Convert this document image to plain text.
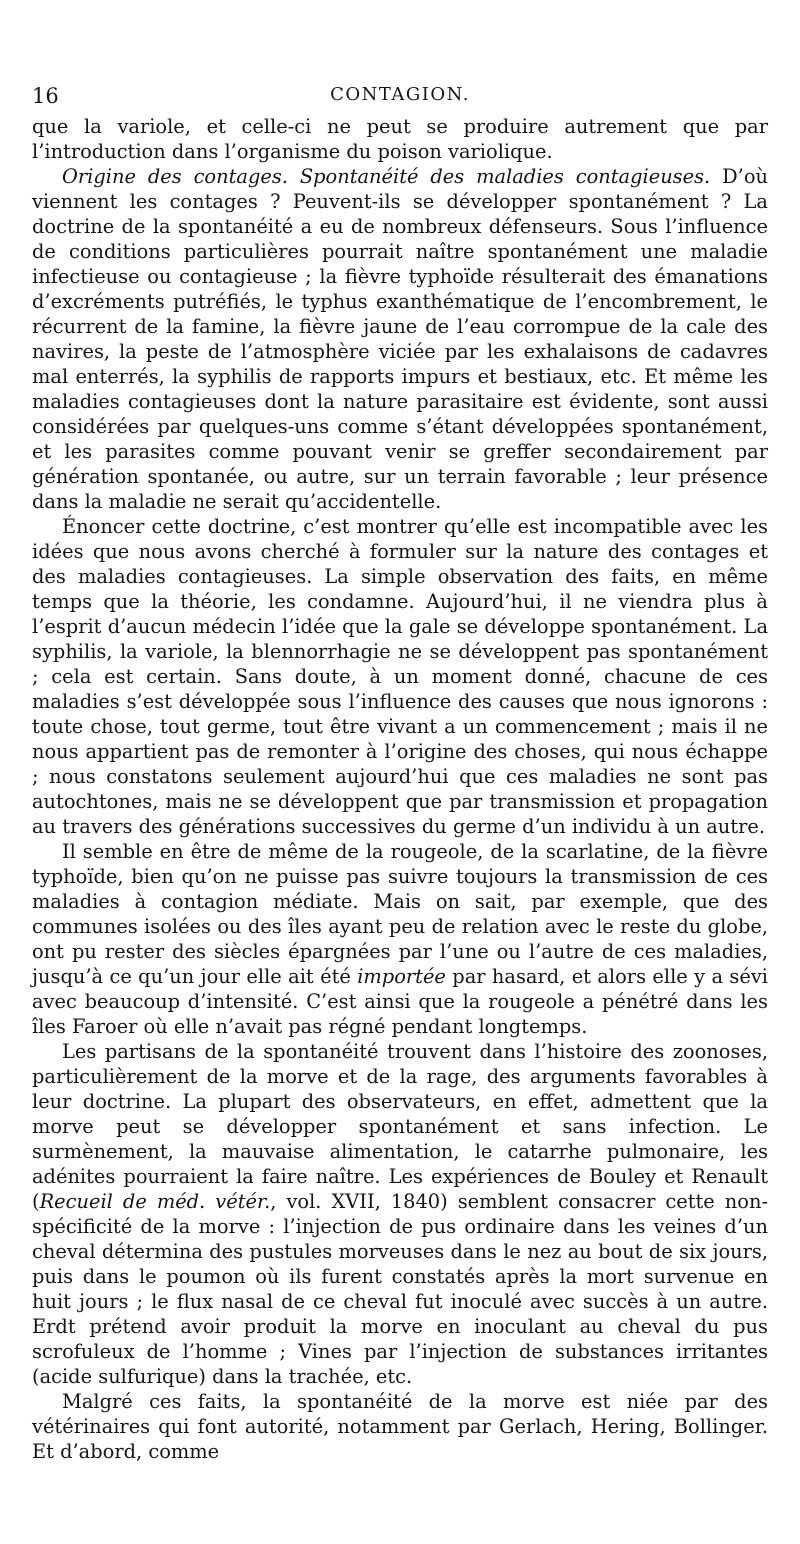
16	CONTAGION.

que la variole, et celle-ci ne peut se produire autrement que par l’introduction dans l’organisme du poison variolique.

Origine des contages. Spontanéité des maladies contagieuses. D’où viennent les contages ? Peuvent-ils se développer spontanément ? La doctrine de la spontanéité a eu de nombreux défenseurs. Sous l’influence de conditions particulières pourrait naître spontanément une maladie infectieuse ou contagieuse ; la fièvre typhoïde résulterait des émanations d’excréments putréfiés, le typhus exanthématique de l’encombrement, le récurrent de la famine, la fièvre jaune de l’eau corrompue de la cale des navires, la peste de l’atmosphère viciée par les exhalaisons de cadavres mal enterrés, la syphilis de rapports impurs et bestiaux, etc. Et même les maladies contagieuses dont la nature parasitaire est évidente, sont aussi considérées par quelques-uns comme s’étant développées spontanément, et les parasites comme pouvant venir se greffer secondairement par génération spontanée, ou autre, sur un terrain favorable ; leur présence dans la maladie ne serait qu’accidentelle.

Énoncer cette doctrine, c’est montrer qu’elle est incompatible avec les idées que nous avons cherché à formuler sur la nature des contages et des maladies contagieuses. La simple observation des faits, en même temps que la théorie, les condamne. Aujourd’hui, il ne viendra plus à l’esprit d’aucun médecin l’idée que la gale se développe spontanément. La syphilis, la variole, la blennorrhagie ne se développent pas spontanément ; cela est certain. Sans doute, à un moment donné, chacune de ces maladies s’est développée sous l’influence des causes que nous ignorons : toute chose, tout germe, tout être vivant a un commencement ; mais il ne nous appartient pas de remonter à l’origine des choses, qui nous échappe ; nous constatons seulement aujourd’hui que ces maladies ne sont pas autochtones, mais ne se développent que par transmission et propagation au travers des générations successives du germe d’un individu à un autre.

Il semble en être de même de la rougeole, de la scarlatine, de la fièvre typhoïde, bien qu’on ne puisse pas suivre toujours la transmission de ces maladies à contagion médiate. Mais on sait, par exemple, que des communes isolées ou des îles ayant peu de relation avec le reste du globe, ont pu rester des siècles épargnées par l’une ou l’autre de ces maladies, jusqu’à ce qu’un jour elle ait été importée par hasard, et alors elle y a sévi avec beaucoup d’intensité. C’est ainsi que la rougeole a pénétré dans les îles Faroer où elle n’avait pas régné pendant longtemps.

Les partisans de la spontanéité trouvent dans l’histoire des zoonoses, particulièrement de la morve et de la rage, des arguments favorables à leur doctrine. La plupart des observateurs, en effet, admettent que la morve peut se développer spontanément et sans infection. Le surmènement, la mauvaise alimentation, le catarrhe pulmonaire, les adénites pourraient la faire naître. Les expériences de Bouley et Renault (Recueil de méd. vétér., vol. XVII, 1840) semblent consacrer cette non-spécificité de la morve : l’injection de pus ordinaire dans les veines d’un cheval détermina des pustules morveuses dans le nez au bout de six jours, puis dans le poumon où ils furent constatés après la mort survenue en huit jours ; le flux nasal de ce cheval fut inoculé avec succès à un autre. Erdt prétend avoir produit la morve en inoculant au cheval du pus scrofuleux de l’homme ; Vines par l’injection de substances irritantes (acide sulfurique) dans la trachée, etc.

Malgré ces faits, la spontanéité de la morve est niée par des vétérinaires qui font autorité, notamment par Gerlach, Hering, Bollinger. Et d’abord, comme
